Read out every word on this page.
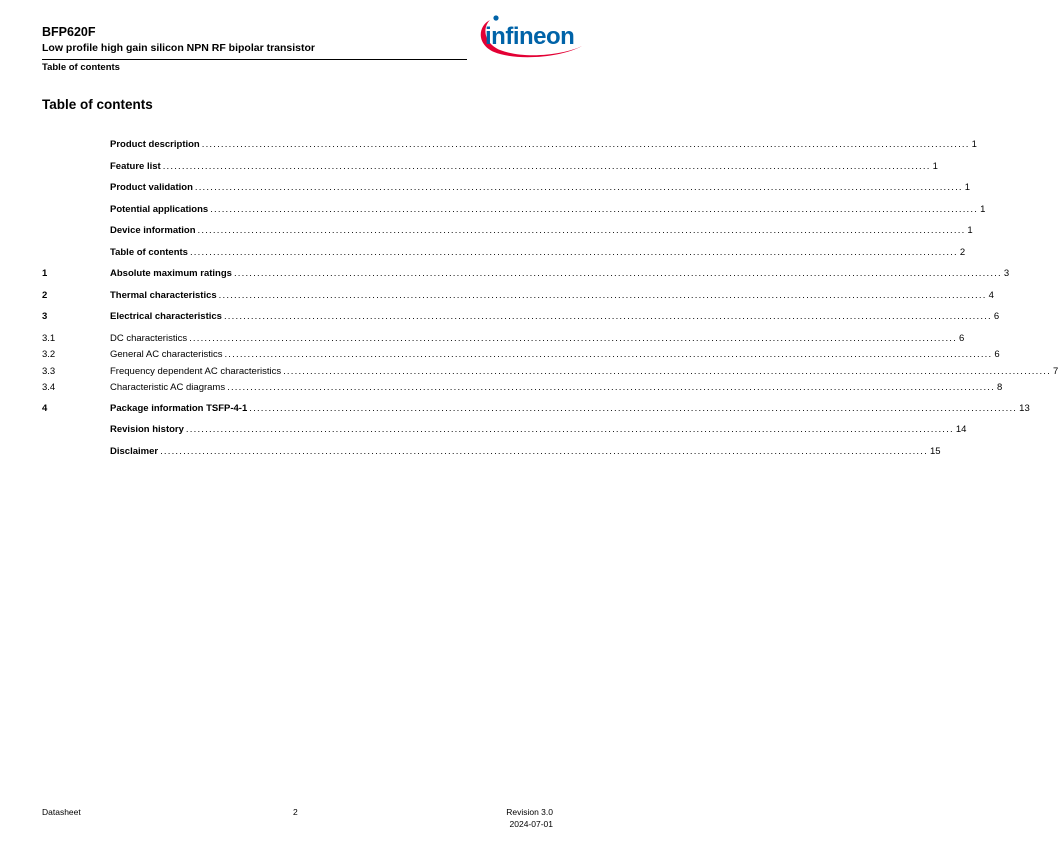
BFP620F
Low profile high gain silicon NPN RF bipolar transistor
Table of contents
infineon
Table of contents
Product description ........................................................................................................................................................................................................ 1
Feature list ........................................................................................................................................................................................................ 1
Product validation ........................................................................................................................................................................................................ 1
Potential applications ........................................................................................................................................................................................................ 1
Device information ........................................................................................................................................................................................................ 1
Table of contents ........................................................................................................................................................................................................ 2
1	Absolute maximum ratings ........................................................................................................................................................................................................ 3
2	Thermal characteristics ........................................................................................................................................................................................................ 4
3	Electrical characteristics ........................................................................................................................................................................................................ 6
3.1	DC characteristics ........................................................................................................................................................................................................ 6
3.2	General AC characteristics ........................................................................................................................................................................................................ 6
3.3	Frequency dependent AC characteristics ........................................................................................................................................................................................................ 7
3.4	Characteristic AC diagrams ........................................................................................................................................................................................................ 8
4	Package information TSFP-4-1 ........................................................................................................................................................................................................ 13
Revision history ........................................................................................................................................................................................................ 14
Disclaimer ........................................................................................................................................................................................................ 15
Datasheet	2	Revision 3.0
2024-07-01
